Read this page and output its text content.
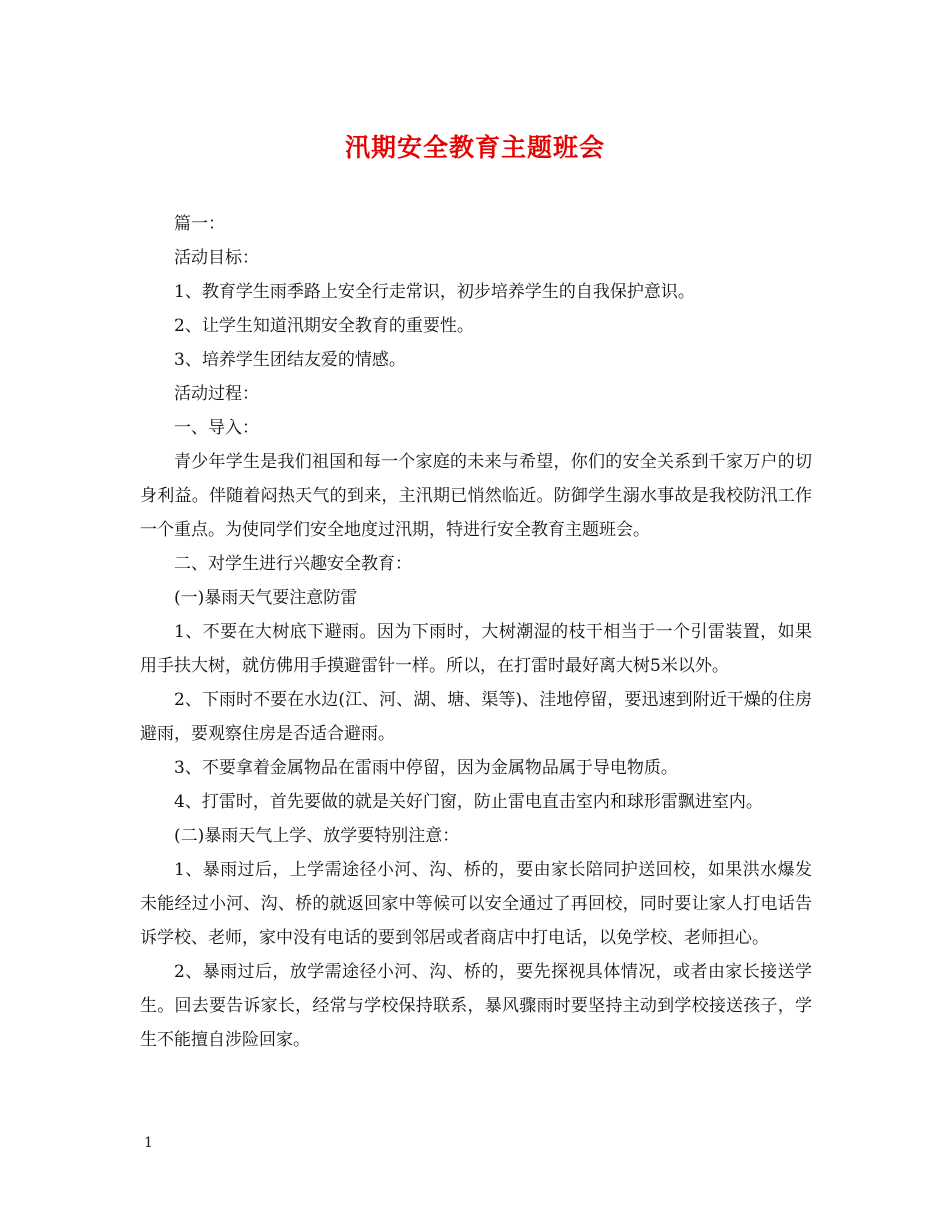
汛期安全教育主题班会

篇一：

活动目标：

1、教育学生雨季路上安全行走常识，初步培养学生的自我保护意识。

2、让学生知道汛期安全教育的重要性。

3、培养学生团结友爱的情感。

活动过程：

一、导入：

青少年学生是我们祖国和每一个家庭的未来与希望，你们的安全关系到千家万户的切身利益。伴随着闷热天气的到来，主汛期已悄然临近。防御学生溺水事故是我校防汛工作一个重点。为使同学们安全地度过汛期，特进行安全教育主题班会。

二、对学生进行兴趣安全教育：

(一)暴雨天气要注意防雷

1、不要在大树底下避雨。因为下雨时，大树潮湿的枝干相当于一个引雷装置，如果用手扶大树，就仿佛用手摸避雷针一样。所以，在打雷时最好离大树5米以外。

2、下雨时不要在水边(江、河、湖、塘、渠等)、洼地停留，要迅速到附近干燥的住房避雨，要观察住房是否适合避雨。

3、不要拿着金属物品在雷雨中停留，因为金属物品属于导电物质。

4、打雷时，首先要做的就是关好门窗，防止雷电直击室内和球形雷飘进室内。

(二)暴雨天气上学、放学要特别注意：

1、暴雨过后，上学需途径小河、沟、桥的，要由家长陪同护送回校，如果洪水爆发未能经过小河、沟、桥的就返回家中等候可以安全通过了再回校，同时要让家人打电话告诉学校、老师，家中没有电话的要到邻居或者商店中打电话，以免学校、老师担心。

2、暴雨过后，放学需途径小河、沟、桥的，要先探视具体情况，或者由家长接送学生。回去要告诉家长，经常与学校保持联系，暴风骤雨时要坚持主动到学校接送孩子，学生不能擅自涉险回家。

1
